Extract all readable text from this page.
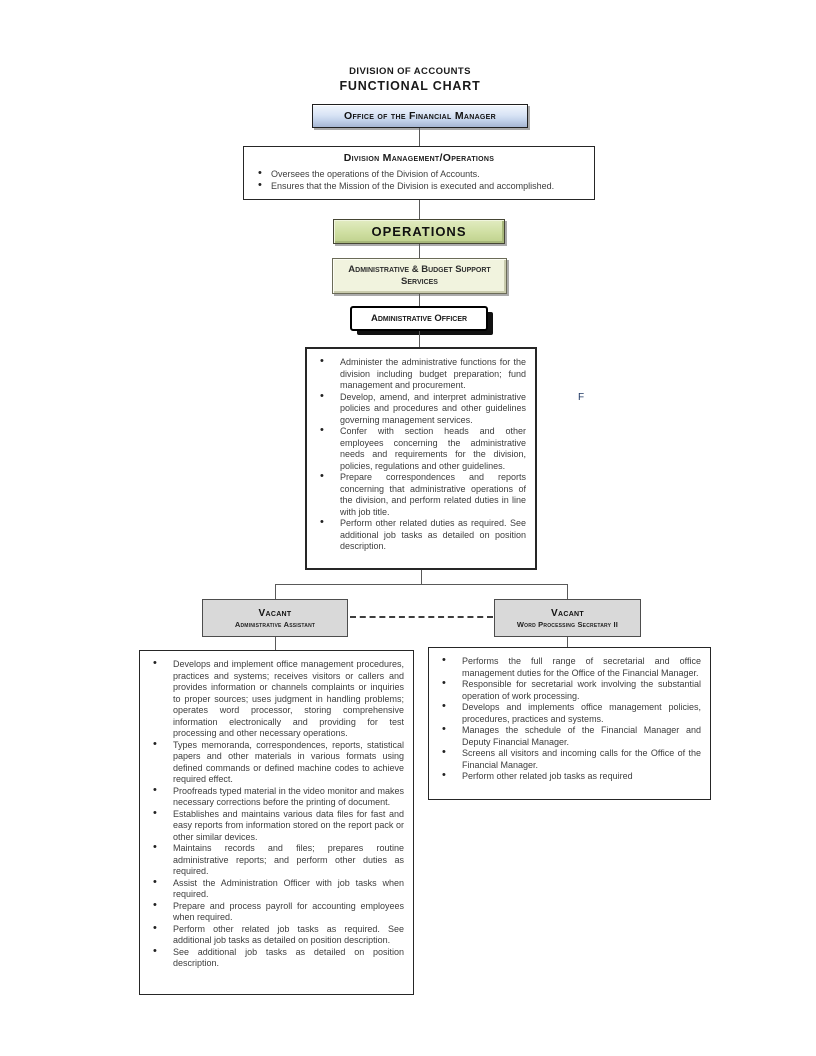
DIVISION OF ACCOUNTS
FUNCTIONAL CHART
Office of the Financial Manager
Division Management/Operations
• Oversees the operations of the Division of Accounts.
• Ensures that the Mission of the Division is executed and accomplished.
OPERATIONS
Administrative & Budget Support Services
Administrative Officer
• Administer the administrative functions for the division including budget preparation; fund management and procurement.
• Develop, amend, and interpret administrative policies and procedures and other guidelines governing management services.
• Confer with section heads and other employees concerning the administrative needs and requirements for the division, policies, regulations and other guidelines.
• Prepare correspondences and reports concerning that administrative operations of the division, and perform related duties in line with job title.
• Perform other related duties as required. See additional job tasks as detailed on position description.
F
Vacant
Administrative Assistant
Vacant
Word Processing Secretary II
• Develops and implement office management procedures, practices and systems; receives visitors or callers and provides information or channels complaints or inquiries to proper sources; uses judgment in handling problems; operates word processor, storing comprehensive information electronically and providing for test processing and other necessary operations.
• Types memoranda, correspondences, reports, statistical papers and other materials in various formats using defined commands or defined machine codes to achieve required effect.
• Proofreads typed material in the video monitor and makes necessary corrections before the printing of document.
• Establishes and maintains various data files for fast and easy reports from information stored on the report pack or other similar devices.
• Maintains records and files; prepares routine administrative reports; and perform other duties as required.
• Assist the Administration Officer with job tasks when required.
• Prepare and process payroll for accounting employees when required.
• Perform other related job tasks as required. See additional job tasks as detailed on position description.
• See additional job tasks as detailed on position description.
• Performs the full range of secretarial and office management duties for the Office of the Financial Manager.
• Responsible for secretarial work involving the substantial operation of work processing.
• Develops and implements office management policies, procedures, practices and systems.
• Manages the schedule of the Financial Manager and Deputy Financial Manager.
• Screens all visitors and incoming calls for the Office of the Financial Manager.
• Perform other related job tasks as required
